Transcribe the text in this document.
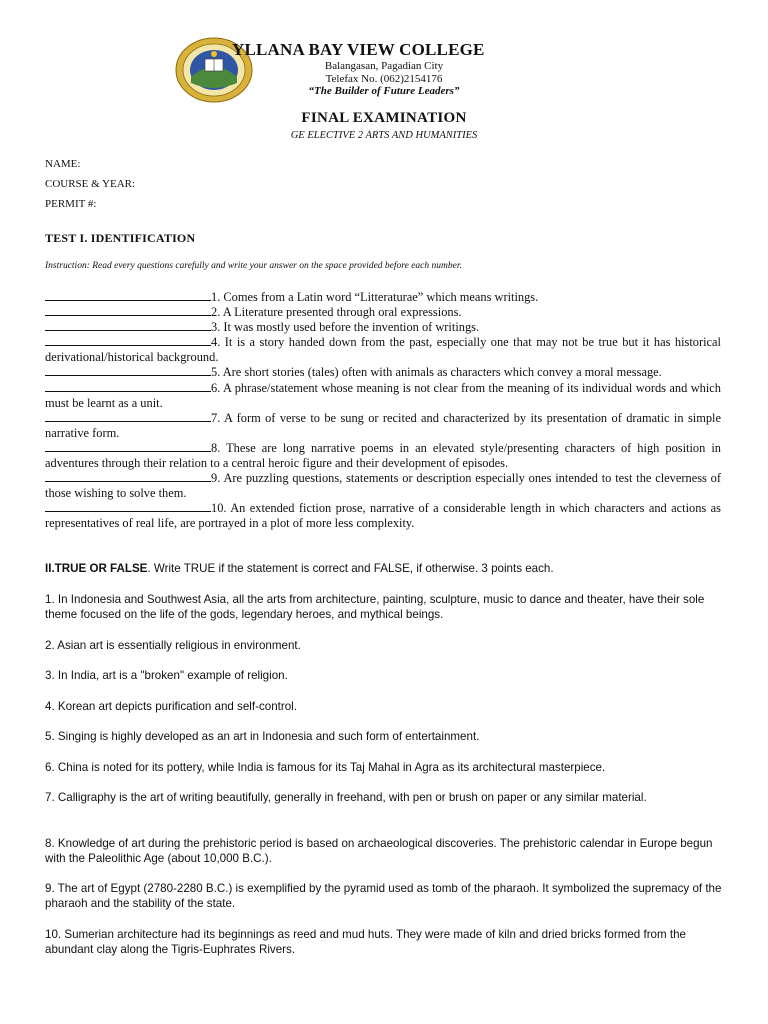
YLLANA BAY VIEW COLLEGE
Balangasan, Pagadian City
Telefax No. (062)2154176
“The Builder of Future Leaders”
FINAL EXAMINATION
GE ELECTIVE 2 ARTS AND HUMANITIES
NAME:
COURSE & YEAR:
PERMIT #:
TEST I. IDENTIFICATION
Instruction: Read every questions carefully and write your answer on the space provided before each number.

1. Comes from a Latin word “Litteraturae” which means writings.

2. A Literature presented through oral expressions.

3. It was mostly used before the invention of writings.

4. It is a story handed down from the past, especially one that may not be true but it has historical derivational/historical background.

5. Are short stories (tales) often with animals as characters which convey a moral message.

6. A phrase/statement whose meaning is not clear from the meaning of its individual words and which must be learnt as a unit.

7. A form of verse to be sung or recited and characterized by its presentation of dramatic in simple narrative form.

8. These are long narrative poems in an elevated style/presenting characters of high position in adventures through their relation to a central heroic figure and their development of episodes.

9. Are puzzling questions, statements or description especially ones intended to test the cleverness of those wishing to solve them.

10. An extended fiction prose, narrative of a considerable length in which characters and actions as representatives of real life, are portrayed in a plot of more less complexity.

II.TRUE OR FALSE. Write TRUE if the statement is correct and FALSE, if otherwise. 3 points each.
1. In Indonesia and Southwest Asia, all the arts from architecture, painting, sculpture, music to dance and theater, have their sole theme focused on the life of the gods, legendary heroes, and mythical beings.
2. Asian art is essentially religious in environment.
3. In India, art is a "broken" example of religion.
4. Korean art depicts purification and self-control.
5. Singing is highly developed as an art in Indonesia and such form of entertainment.
6. China is noted for its pottery, while India is famous for its Taj Mahal in Agra as its architectural masterpiece.
7. Calligraphy is the art of writing beautifully, generally in freehand, with pen or brush on paper or any similar material.
8. Knowledge of art during the prehistoric period is based on archaeological discoveries. The prehistoric calendar in Europe begun with the Paleolithic Age (about 10,000 B.C.).
9. The art of Egypt (2780-2280 B.C.) is exemplified by the pyramid used as tomb of the pharaoh. It symbolized the supremacy of the pharaoh and the stability of the state.
10. Sumerian architecture had its beginnings as reed and mud huts. They were made of kiln and dried bricks formed from the abundant clay along the Tigris-Euphrates Rivers.
